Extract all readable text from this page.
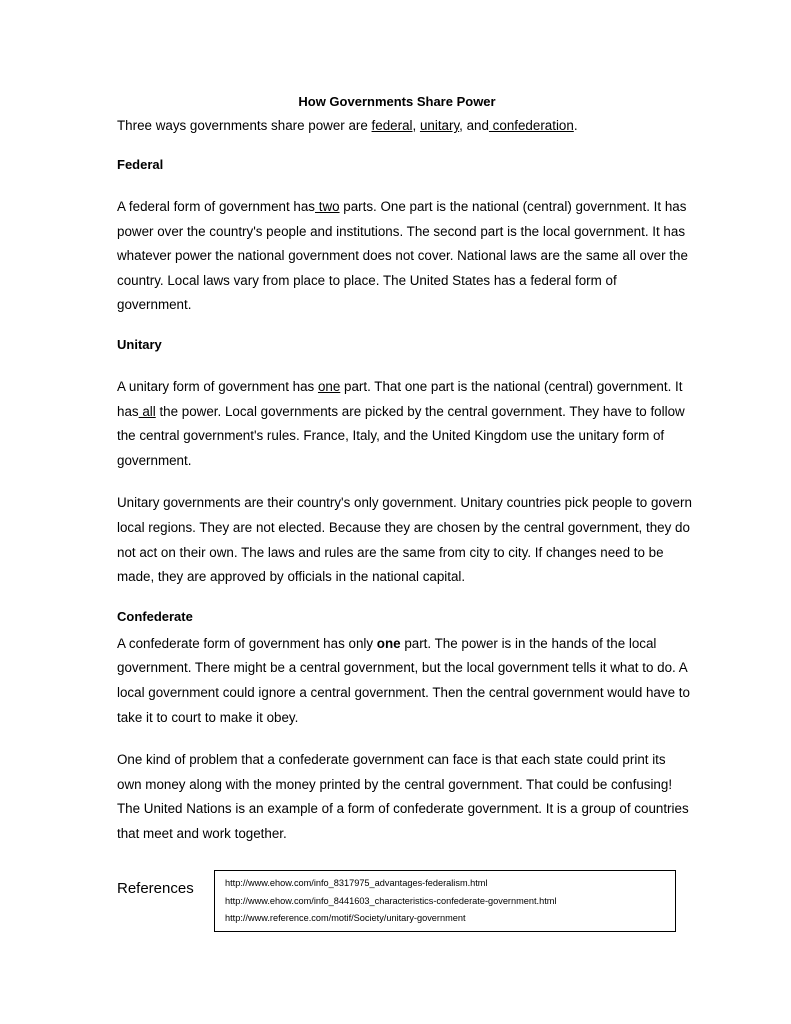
How Governments Share Power

Three ways governments share power are federal, unitary, and confederation.

Federal

A federal form of government has two parts. One part is the national (central) government. It has power over the country's people and institutions. The second part is the local government. It has whatever power the national government does not cover. National laws are the same all over the country. Local laws vary from place to place. The United States has a federal form of government.

Unitary

A unitary form of government has one part. That one part is the national (central) government. It has all the power. Local governments are picked by the central government. They have to follow the central government's rules. France, Italy, and the United Kingdom use the unitary form of government.

Unitary governments are their country's only government. Unitary countries pick people to govern local regions. They are not elected. Because they are chosen by the central government, they do not act on their own. The laws and rules are the same from city to city. If changes need to be made, they are approved by officials in the national capital.

Confederate

A confederate form of government has only one part. The power is in the hands of the local government. There might be a central government, but the local government tells it what to do. A local government could ignore a central government. Then the central government would have to take it to court to make it obey.

One kind of problem that a confederate government can face is that each state could print its own money along with the money printed by the central government. That could be confusing! The United Nations is an example of a form of confederate government. It is a group of countries that meet and work together.

References	http://www.ehow.com/info_8317975_advantages-federalism.html
http://www.ehow.com/info_8441603_characteristics-confederate-government.html
http://www.reference.com/motif/Society/unitary-government
